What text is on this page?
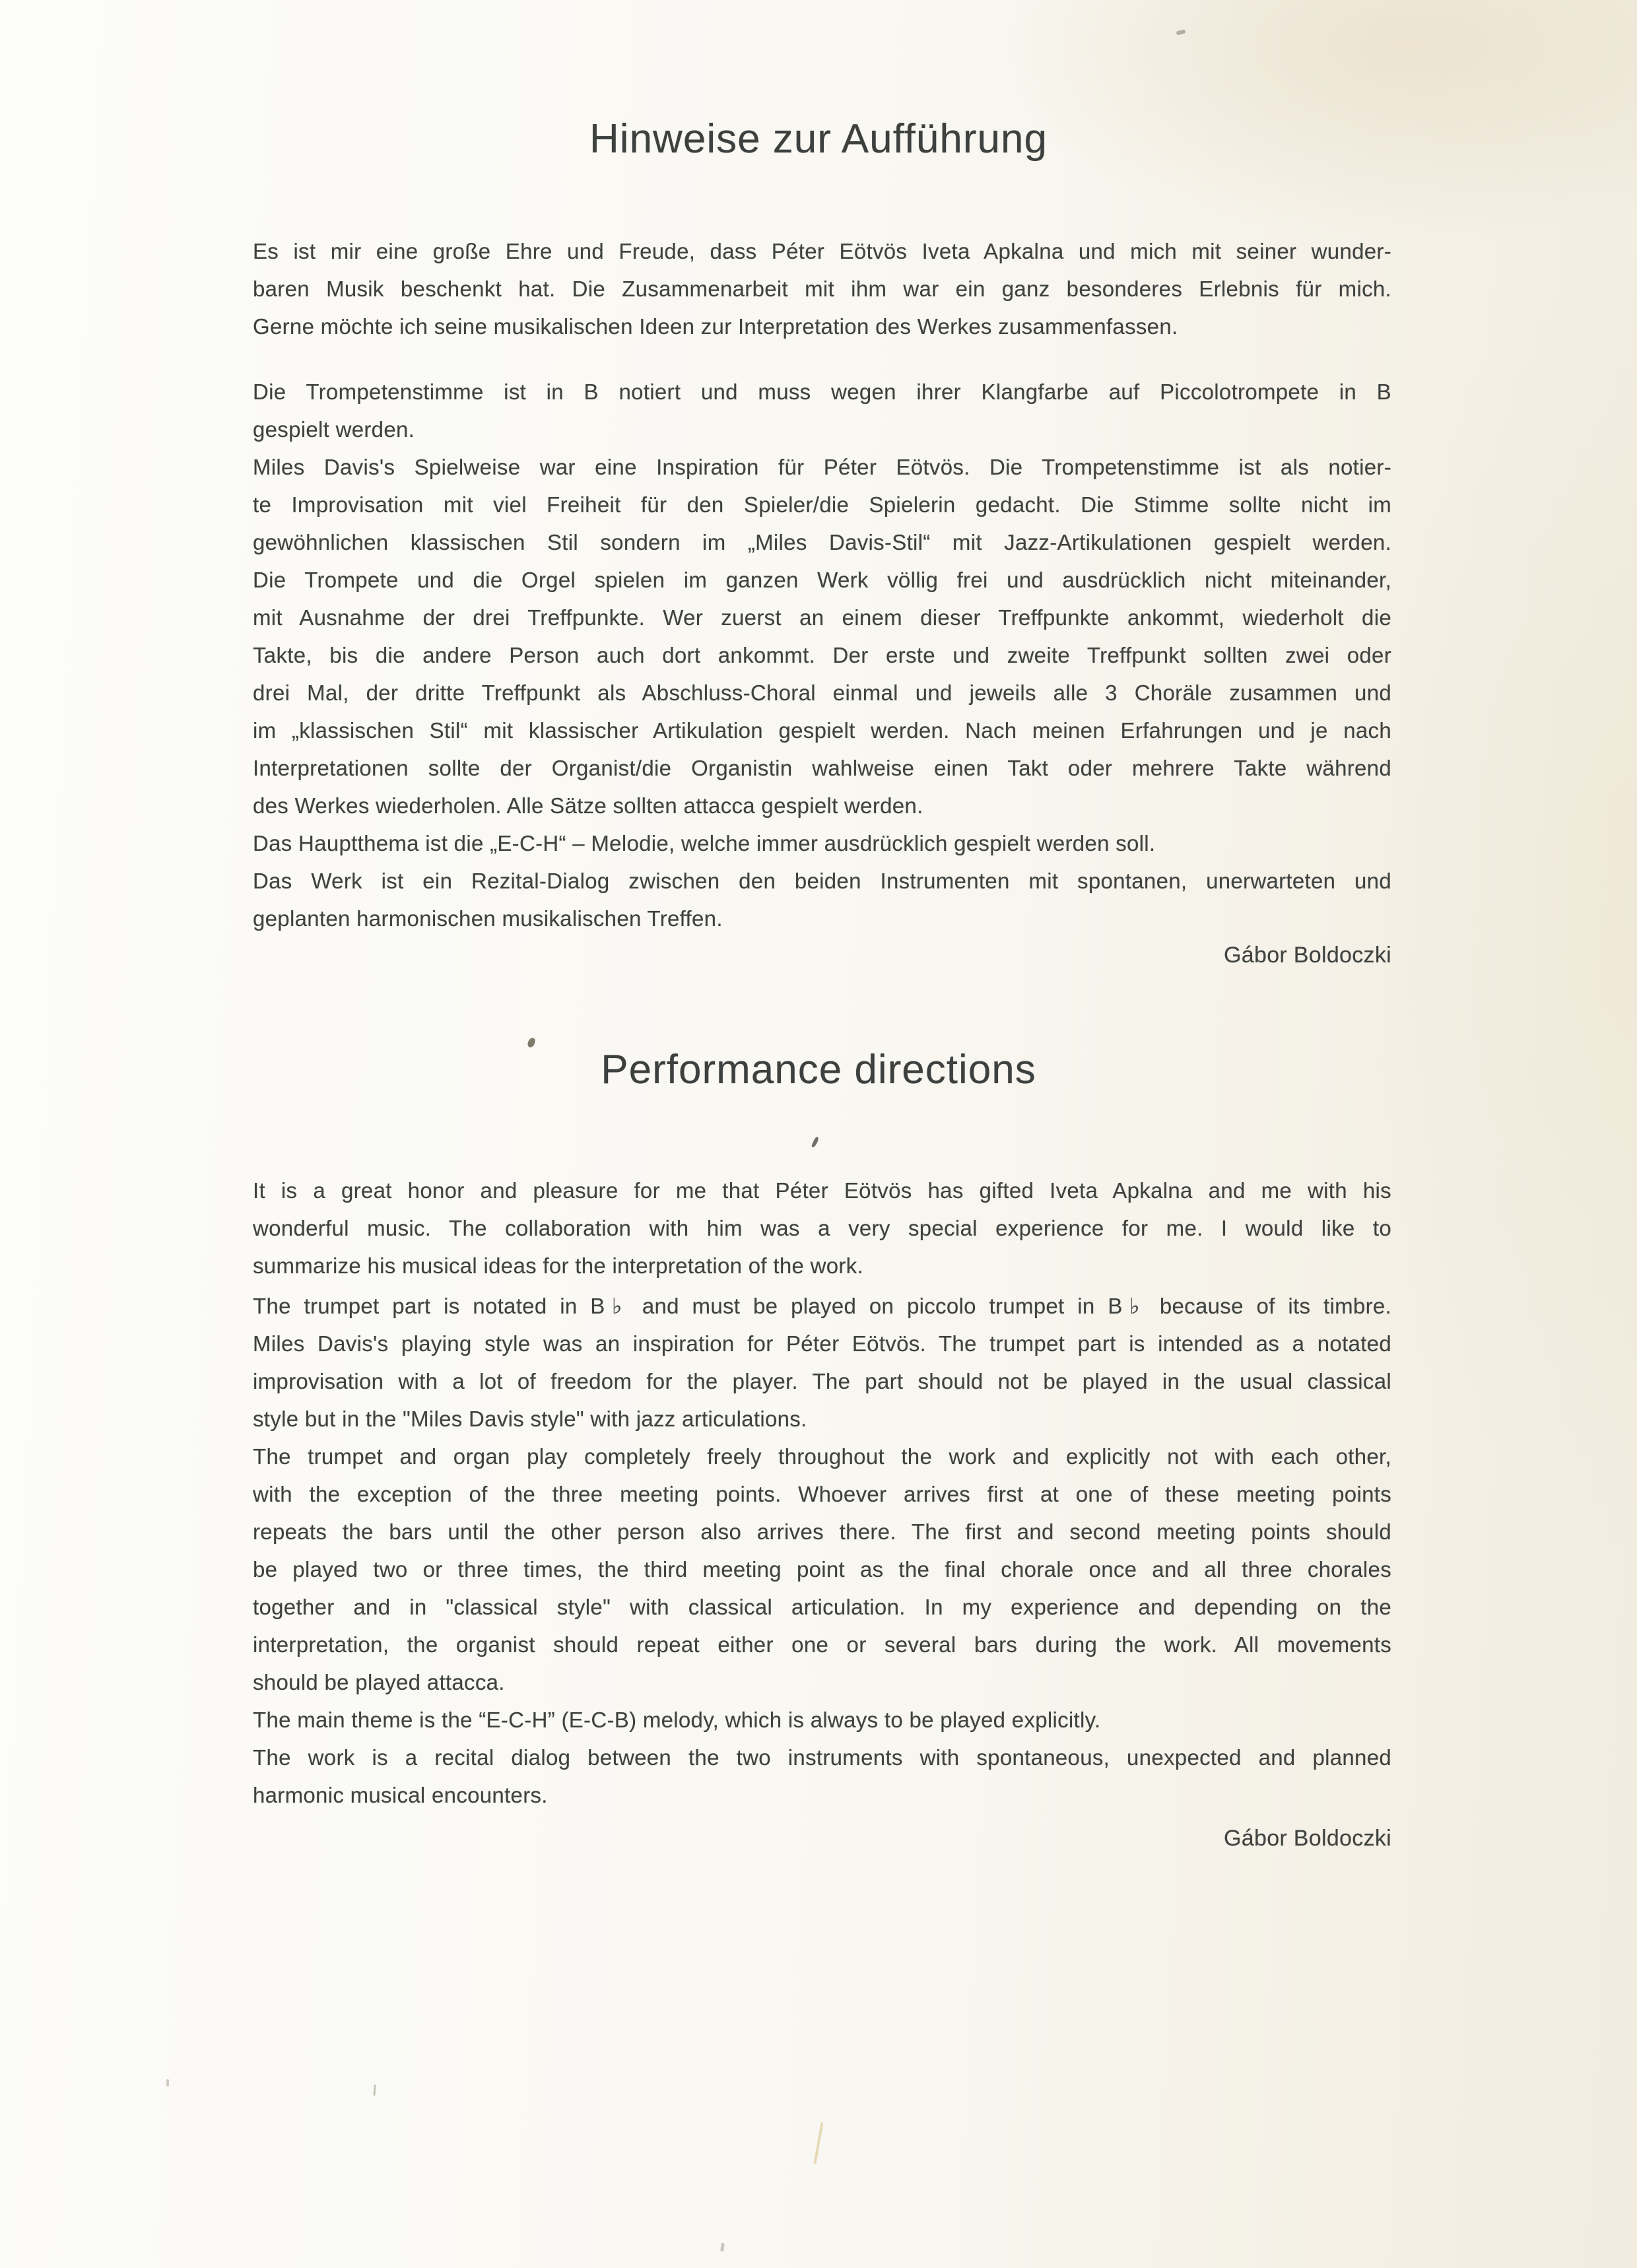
Hinweise zur Aufführung
Es ist mir eine große Ehre und Freude, dass Péter Eötvös Iveta Apkalna und mich mit seiner wunder-
baren Musik beschenkt hat. Die Zusammenarbeit mit ihm war ein ganz besonderes Erlebnis für mich.
Gerne möchte ich seine musikalischen Ideen zur Interpretation des Werkes zusammenfassen.
Die Trompetenstimme ist in B notiert und muss wegen ihrer Klangfarbe auf Piccolotrompete in B
gespielt werden.
Miles Davis's Spielweise war eine Inspiration für Péter Eötvös. Die Trompetenstimme ist als notier-
te Improvisation mit viel Freiheit für den Spieler/die Spielerin gedacht. Die Stimme sollte nicht im
gewöhnlichen klassischen Stil sondern im „Miles Davis-Stil“ mit Jazz-Artikulationen gespielt werden.
Die Trompete und die Orgel spielen im ganzen Werk völlig frei und ausdrücklich nicht miteinander,
mit Ausnahme der drei Treffpunkte. Wer zuerst an einem dieser Treffpunkte ankommt, wiederholt die
Takte, bis die andere Person auch dort ankommt. Der erste und zweite Treffpunkt sollten zwei oder
drei Mal, der dritte Treffpunkt als Abschluss-Choral einmal und jeweils alle 3 Choräle zusammen und
im „klassischen Stil“ mit klassischer Artikulation gespielt werden. Nach meinen Erfahrungen und je nach
Interpretationen sollte der Organist/die Organistin wahlweise einen Takt oder mehrere Takte während
des Werkes wiederholen. Alle Sätze sollten attacca gespielt werden.
Das Hauptthema ist die „E-C-H“ – Melodie, welche immer ausdrücklich gespielt werden soll.
Das Werk ist ein Rezital-Dialog zwischen den beiden Instrumenten mit spontanen, unerwarteten und
geplanten harmonischen musikalischen Treffen.
Gábor Boldoczki
Performance directions
It is a great honor and pleasure for me that Péter Eötvös has gifted Iveta Apkalna and me with his
wonderful music. The collaboration with him was a very special experience for me. I would like to
summarize his musical ideas for the interpretation of the work.
The trumpet part is notated in B♭ and must be played on piccolo trumpet in B♭ because of its timbre.
Miles Davis's playing style was an inspiration for Péter Eötvös. The trumpet part is intended as a notated
improvisation with a lot of freedom for the player. The part should not be played in the usual classical
style but in the "Miles Davis style" with jazz articulations.
The trumpet and organ play completely freely throughout the work and explicitly not with each other,
with the exception of the three meeting points. Whoever arrives first at one of these meeting points
repeats the bars until the other person also arrives there. The first and second meeting points should
be played two or three times, the third meeting point as the final chorale once and all three chorales
together and in "classical style" with classical articulation. In my experience and depending on the
interpretation, the organist should repeat either one or several bars during the work. All movements
should be played attacca.
The main theme is the “E-C-H” (E-C-B) melody, which is always to be played explicitly.
The work is a recital dialog between the two instruments with spontaneous, unexpected and planned
harmonic musical encounters.
Gábor Boldoczki
